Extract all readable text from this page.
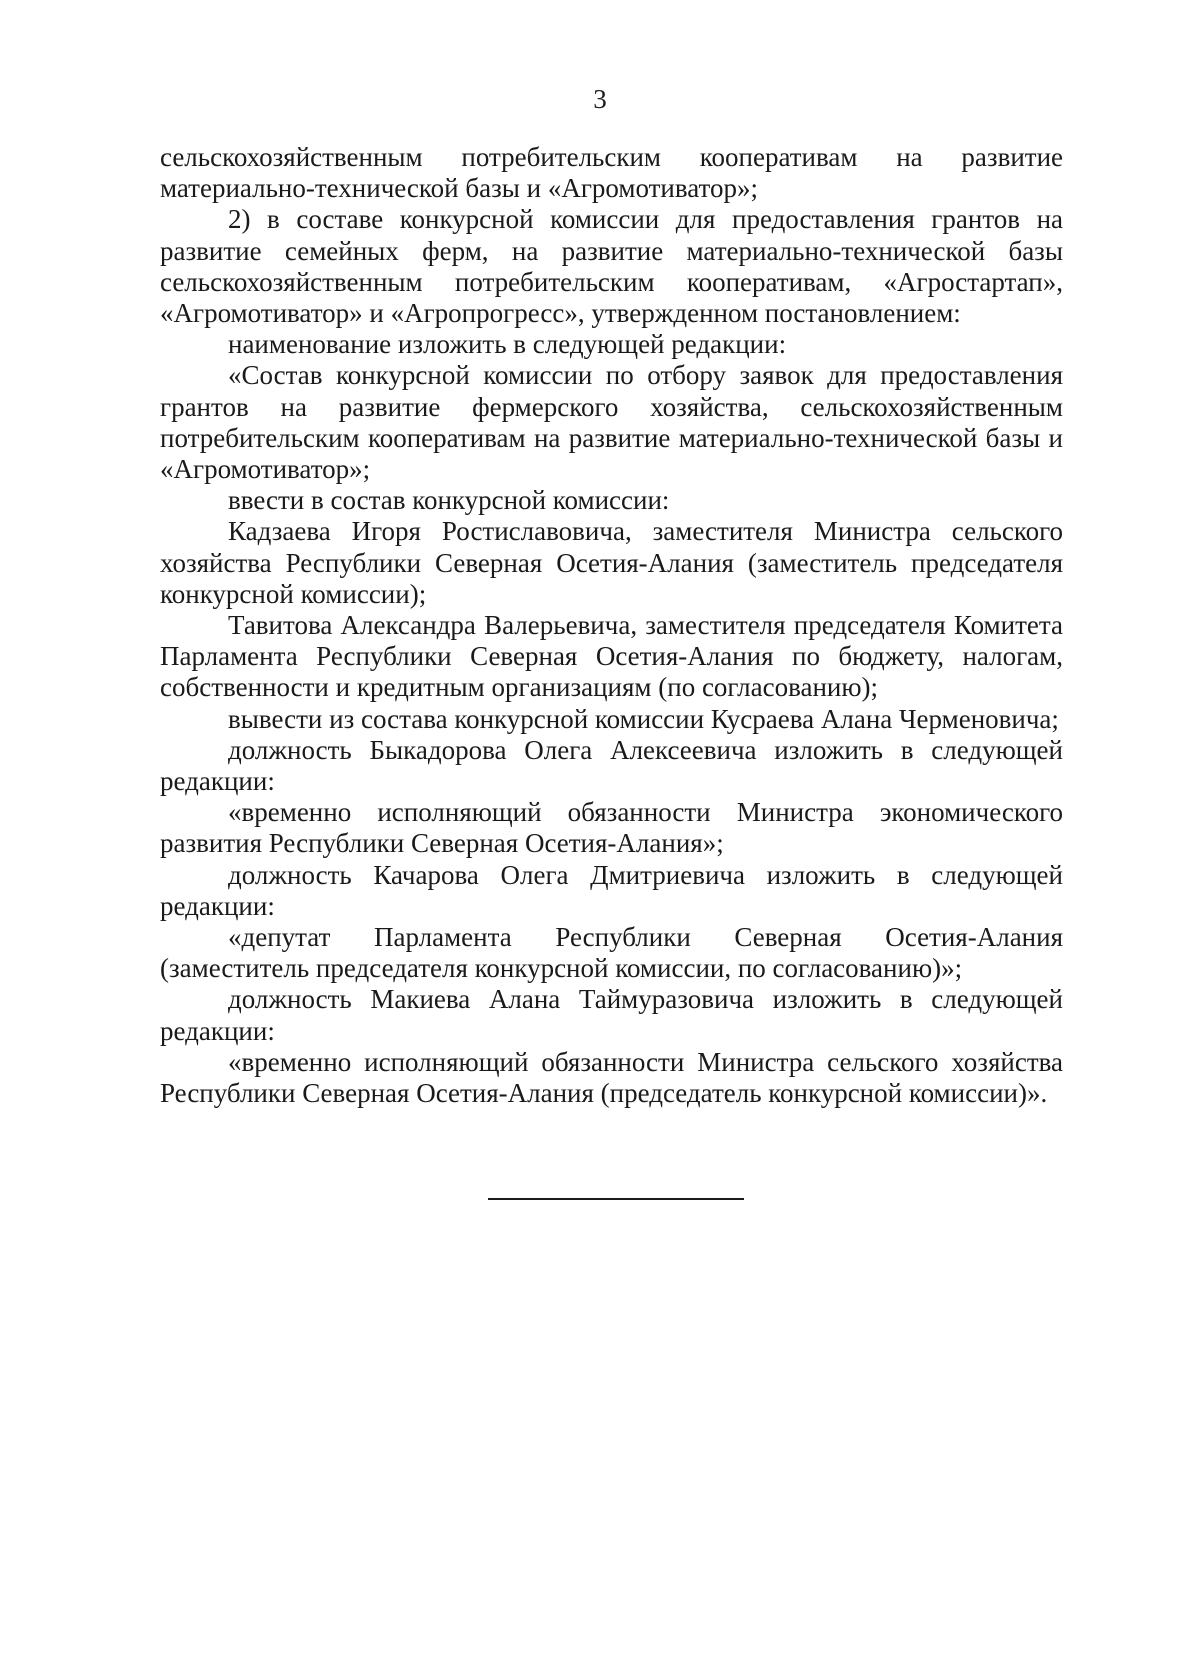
3

сельскохозяйственным потребительским кооперативам на развитие материально-технической базы и «Агромотиватор»;

2) в составе конкурсной комиссии для предоставления грантов на развитие семейных ферм, на развитие материально-технической базы сельскохозяйственным потребительским кооперативам, «Агростартап», «Агромотиватор» и «Агропрогресс», утвержденном постановлением:

наименование изложить в следующей редакции:

«Состав конкурсной комиссии по отбору заявок для предоставления грантов на развитие фермерского хозяйства, сельскохозяйственным потребительским кооперативам на развитие материально-технической базы и «Агромотиватор»;

ввести в состав конкурсной комиссии:

Кадзаева Игоря Ростиславовича, заместителя Министра сельского хозяйства Республики Северная Осетия-Алания (заместитель председателя конкурсной комиссии);

Тавитова Александра Валерьевича, заместителя председателя Комитета Парламента Республики Северная Осетия-Алания по бюджету, налогам, собственности и кредитным организациям (по согласованию);

вывести из состава конкурсной комиссии Кусраева Алана Черменовича;

должность Быкадорова Олега Алексеевича изложить в следующей редакции:

«временно исполняющий обязанности Министра экономического развития Республики Северная Осетия-Алания»;

должность Качарова Олега Дмитриевича изложить в следующей редакции:

«депутат Парламента Республики Северная Осетия-Алания (заместитель председателя конкурсной комиссии, по согласованию)»;

должность Макиева Алана Таймуразовича изложить в следующей редакции:

«временно исполняющий обязанности Министра сельского хозяйства Республики Северная Осетия-Алания (председатель конкурсной комиссии)».
